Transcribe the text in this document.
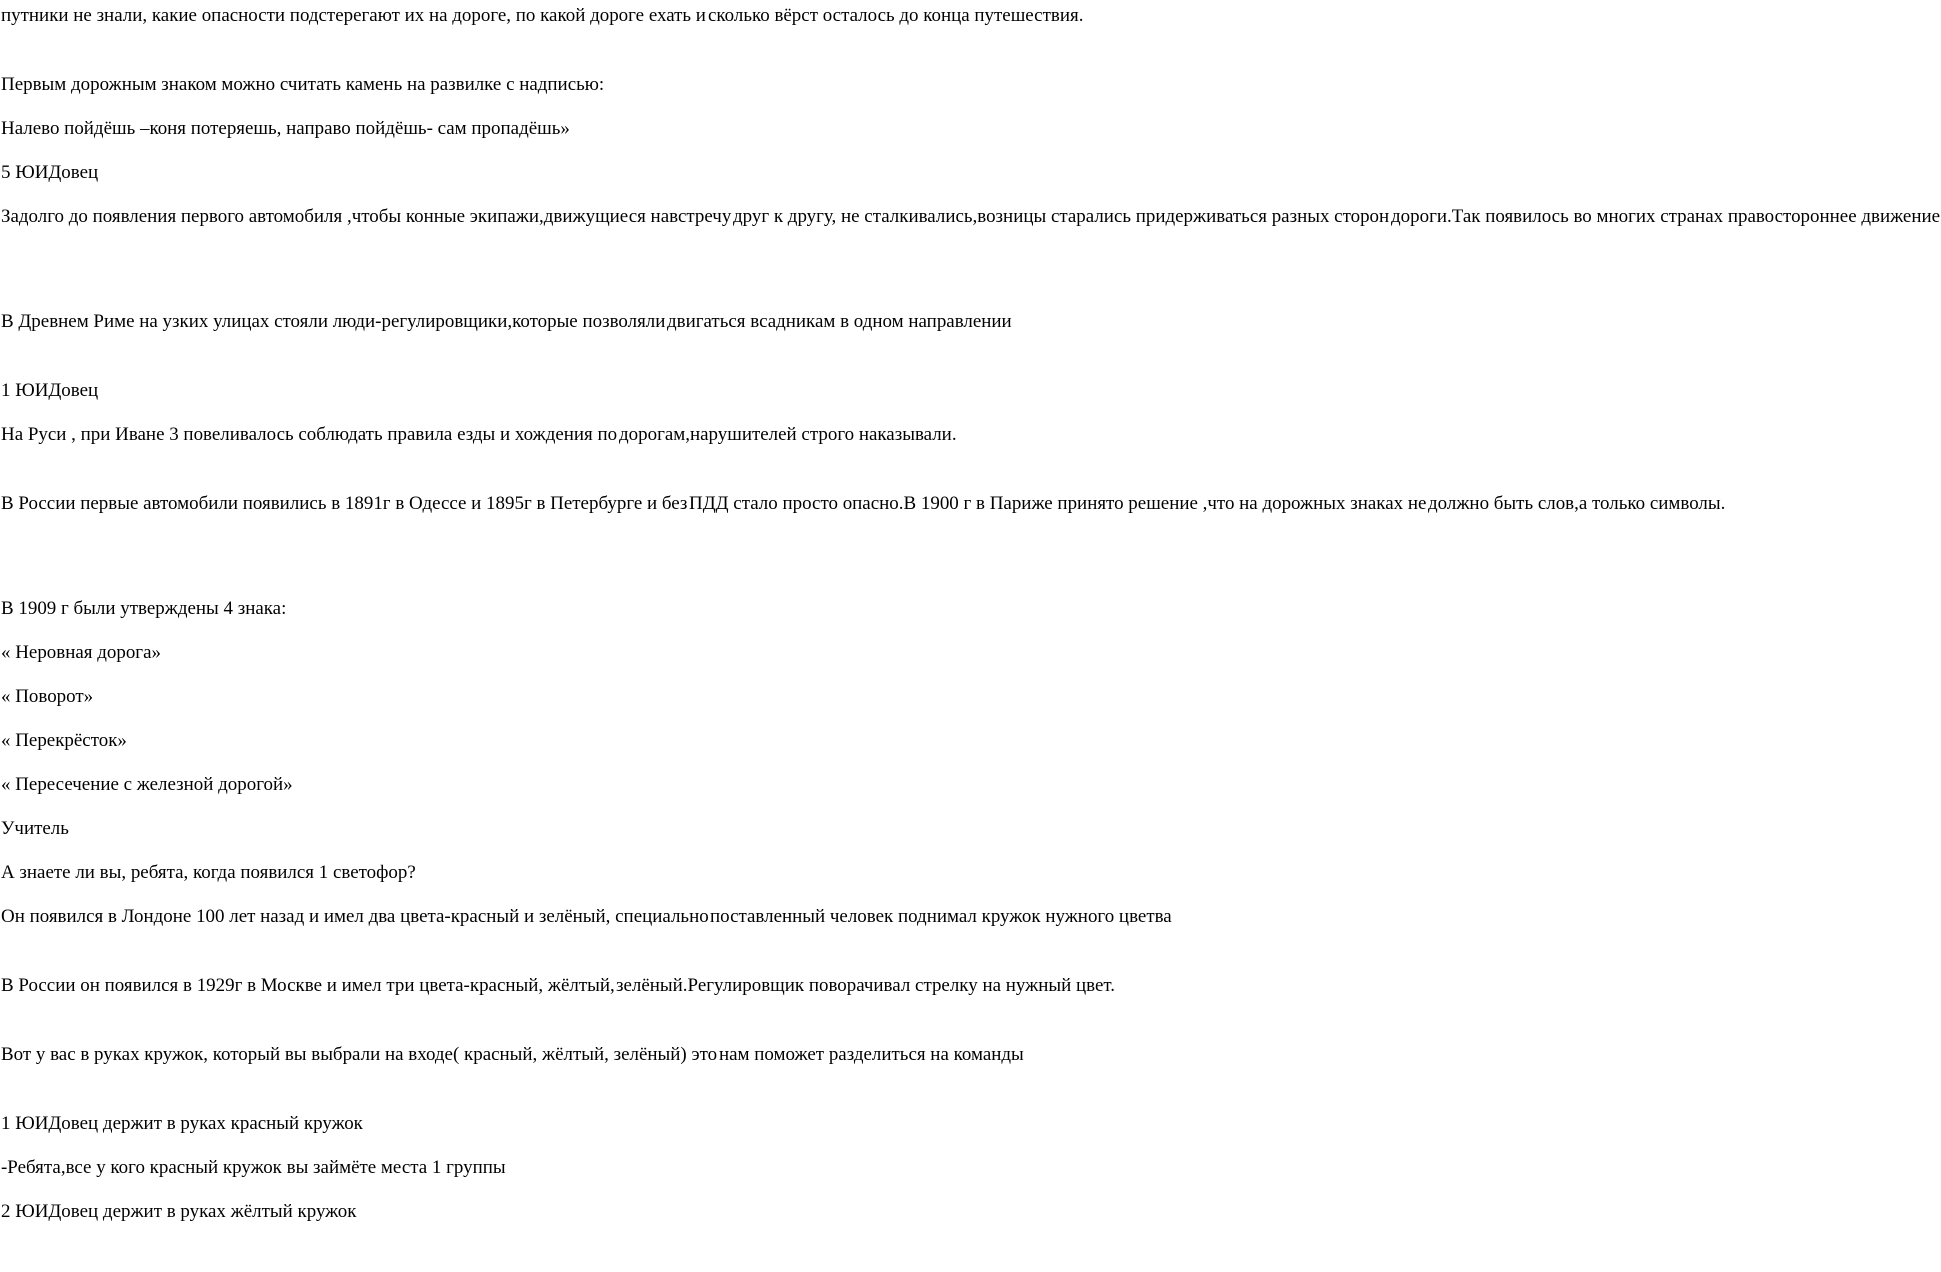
путники не знали, какие опасности подстерегают их на дороге, по какой дороге ехать исколько вёрст осталось до конца путешествия.

Первым дорожным знаком можно считать камень на развилке с надписью:

Налево пойдёшь –коня потеряешь, направо пойдёшь- сам пропадёшь»

5 ЮИДовец

Задолго до появления первого автомобиля ,чтобы конные экипажи,движущиеся навстречудруг к другу, не сталкивались,возницы старались придерживаться разных сторондороги.Так появилось во многих странах правостороннее движение

В Древнем Риме на узких улицах стояли люди-регулировщики,которые позволялидвигаться всадникам в одном направлении

1 ЮИДовец

На Руси , при Иване 3 повеливалось соблюдать правила езды и хождения подорогам,нарушителей строго наказывали.

В России первые автомобили появились в 1891г в Одессе и 1895г в Петербурге и безПДД стало просто опасно.В 1900 г в Париже принято решение ,что на дорожных знаках недолжно быть слов,а только символы.

В 1909 г были утверждены 4 знака:

« Неровная дорога»

« Поворот»

« Перекрёсток»

« Пересечение с железной дорогой»

Учитель

А знаете ли вы, ребята, когда появился 1 светофор?

Он появился в Лондоне 100 лет назад и имел два цвета-красный и зелёный, специальнопоставленный человек поднимал кружок нужного цветва

В России он появился в 1929г в Москве и имел три цвета-красный, жёлтый,зелёный.Регулировщик поворачивал стрелку на нужный цвет.

Вот у вас в руках кружок, который вы выбрали на входе( красный, жёлтый, зелёный) этонам поможет разделиться на команды

1 ЮИДовец держит в руках красный кружок

-Ребята,все у кого красный кружок вы займёте места 1 группы

2 ЮИДовец держит в руках жёлтый кружок
